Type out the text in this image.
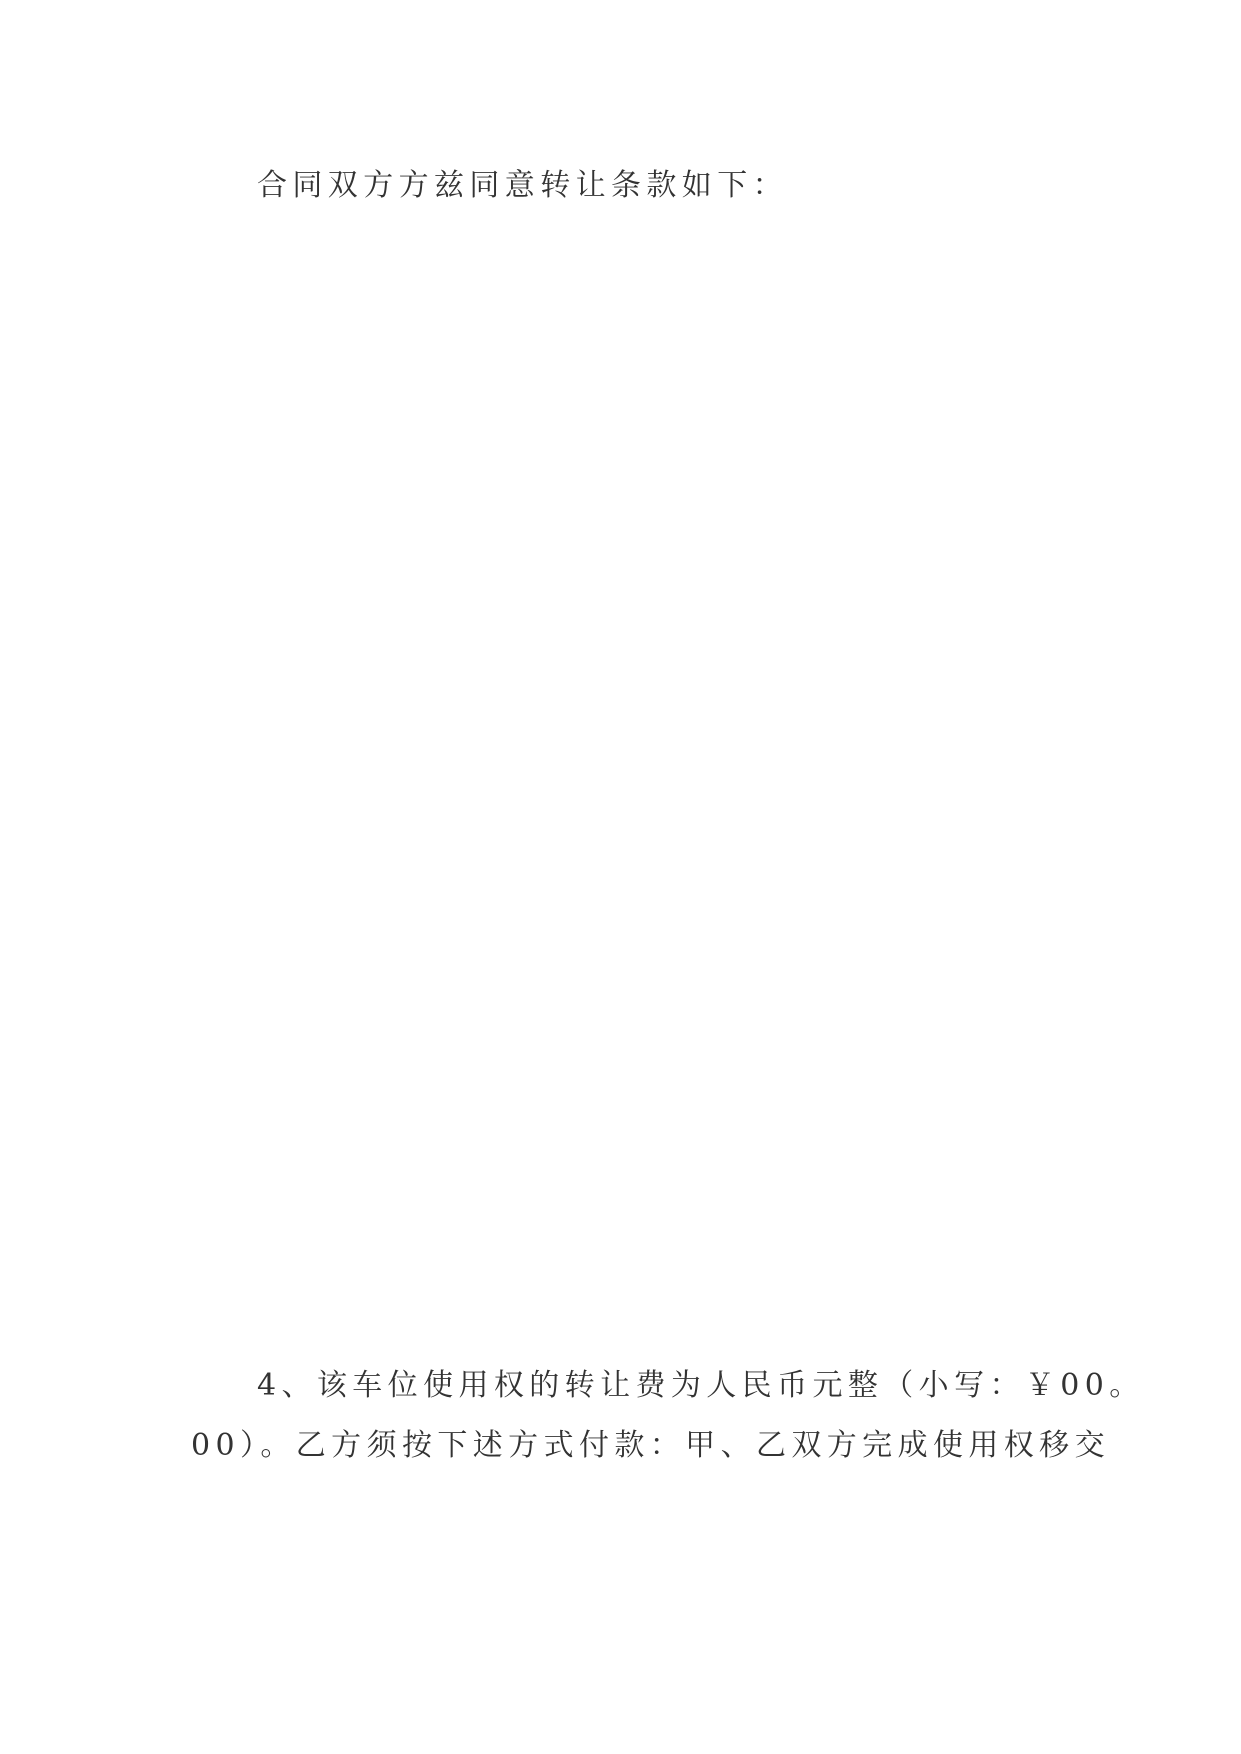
合同双方方兹同意转让条款如下：
4、该车位使用权的转让费为人民币元整（小写：￥00。
00）。乙方须按下述方式付款：甲、乙双方完成使用权移交
